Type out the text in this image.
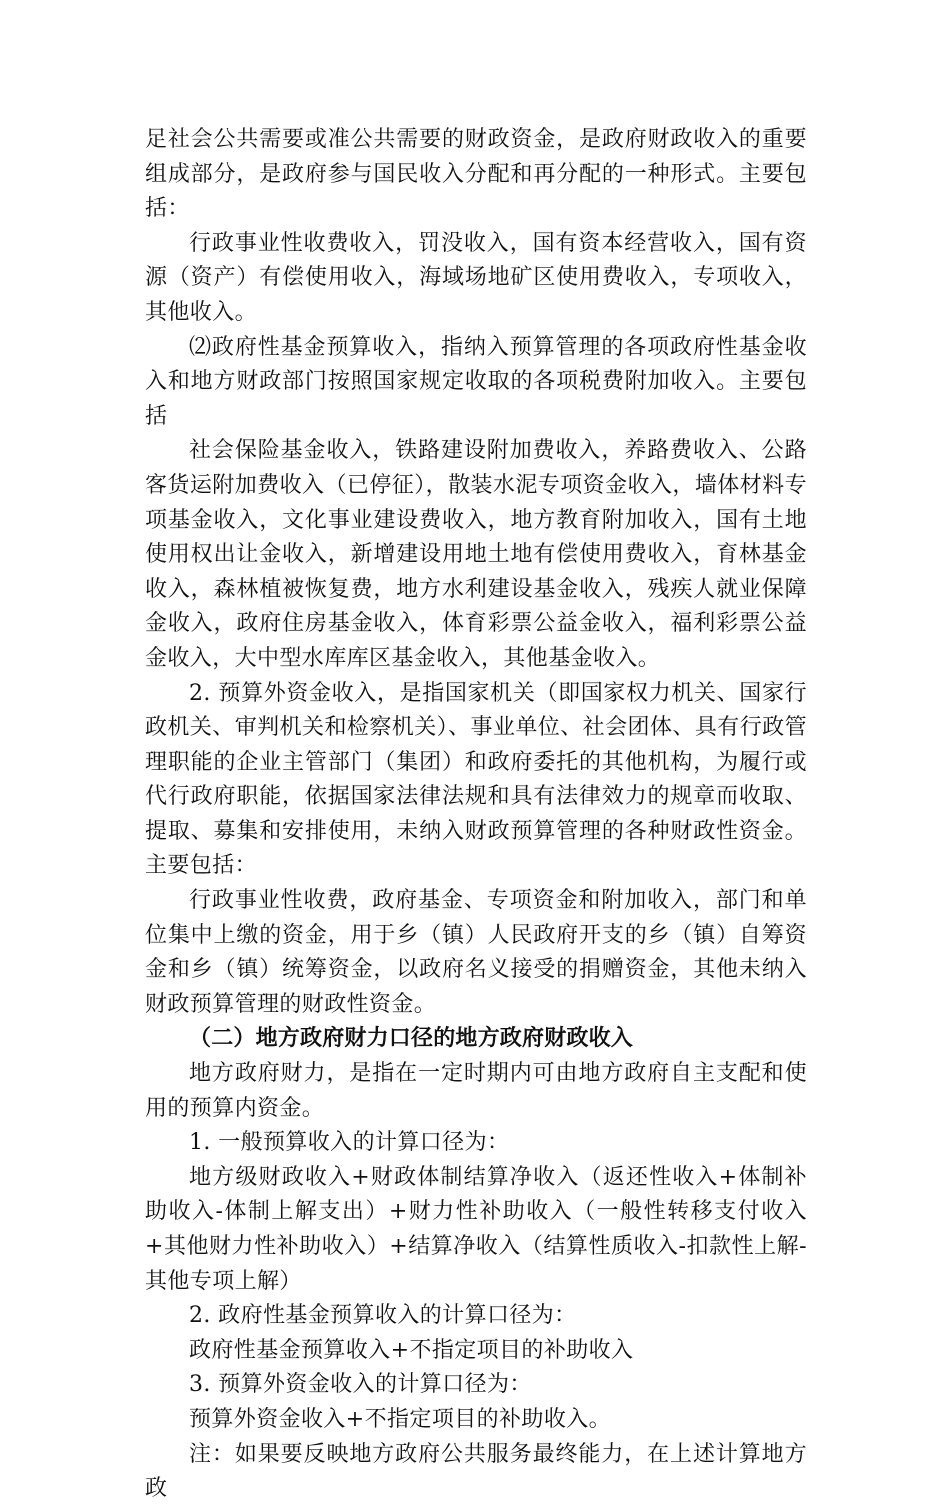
足社会公共需要或准公共需要的财政资金，是政府财政收入的重要组成部分，是政府参与国民收入分配和再分配的一种形式。主要包括：

行政事业性收费收入，罚没收入，国有资本经营收入，国有资源（资产）有偿使用收入，海域场地矿区使用费收入，专项收入，其他收入。

⑵政府性基金预算收入，指纳入预算管理的各项政府性基金收入和地方财政部门按照国家规定收取的各项税费附加收入。主要包括

社会保险基金收入，铁路建设附加费收入，养路费收入、公路客货运附加费收入（已停征），散装水泥专项资金收入，墙体材料专项基金收入，文化事业建设费收入，地方教育附加收入，国有土地使用权出让金收入，新增建设用地土地有偿使用费收入，育林基金收入，森林植被恢复费，地方水利建设基金收入，残疾人就业保障金收入，政府住房基金收入，体育彩票公益金收入，福利彩票公益金收入，大中型水库库区基金收入，其他基金收入。

2. 预算外资金收入，是指国家机关（即国家权力机关、国家行政机关、审判机关和检察机关）、事业单位、社会团体、具有行政管理职能的企业主管部门（集团）和政府委托的其他机构，为履行或代行政府职能，依据国家法律法规和具有法律效力的规章而收取、提取、募集和安排使用，未纳入财政预算管理的各种财政性资金。主要包括：

行政事业性收费，政府基金、专项资金和附加收入，部门和单位集中上缴的资金，用于乡（镇）人民政府开支的乡（镇）自筹资金和乡（镇）统筹资金，以政府名义接受的捐赠资金，其他未纳入财政预算管理的财政性资金。

（二）地方政府财力口径的地方政府财政收入

地方政府财力，是指在一定时期内可由地方政府自主支配和使用的预算内资金。

1. 一般预算收入的计算口径为：

地方级财政收入+财政体制结算净收入（返还性收入+体制补助收入-体制上解支出）+财力性补助收入（一般性转移支付收入+其他财力性补助收入）+结算净收入（结算性质收入-扣款性上解-其他专项上解）

2. 政府性基金预算收入的计算口径为：

政府性基金预算收入+不指定项目的补助收入

3. 预算外资金收入的计算口径为：

预算外资金收入+不指定项目的补助收入。

注：如果要反映地方政府公共服务最终能力，在上述计算地方政
